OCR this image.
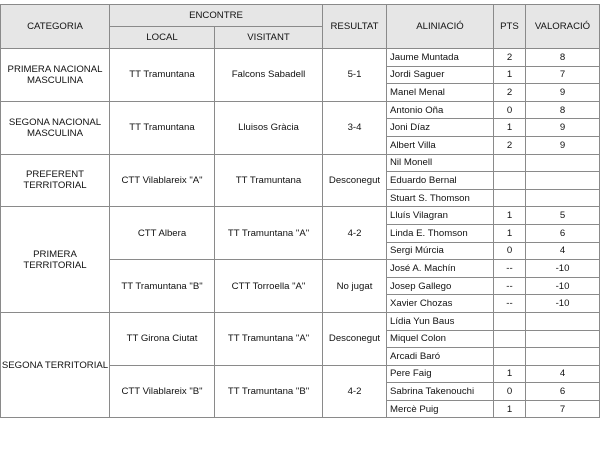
CATEGORIA	ENCONTRE		RESULTAT	ALINIACIÓ	PTS	VALORACIÓ
	LOCAL	VISITANT				
PRIMERA NACIONAL MASCULINA	TT Tramuntana	Falcons Sabadell	5-1	Jaume Muntada	2	8
				Jordi Saguer	1	7
				Manel Menal	2	9
SEGONA NACIONAL MASCULINA	TT Tramuntana	Lluisos Gràcia	3-4	Antonio Oña	0	8
				Joni Díaz	1	9
				Albert Villa	2	9
PREFERENT TERRITORIAL	CTT Vilablareix "A"	TT Tramuntana	Desconegut	Nil Monell		
				Eduardo Bernal		
				Stuart S. Thomson		
PRIMERA TERRITORIAL	CTT Albera	TT Tramuntana "A"	4-2	Lluís Vilagran	1	5
				Linda E. Thomson	1	6
				Sergi Múrcia	0	4
	TT Tramuntana "B"	CTT Torroella "A"	No jugat	José A. Machín	--	-10
				Josep Gallego	--	-10
				Xavier Chozas	--	-10
SEGONA TERRITORIAL	TT Girona Ciutat	TT Tramuntana "A"	Desconegut	Lídia Yun Baus		
				Miquel Colon		
				Arcadi Baró		
	CTT Vilablareix "B"	TT Tramuntana "B"	4-2	Pere Faig	1	4
				Sabrina Takenouchi	0	6
				Mercè Puig	1	7
